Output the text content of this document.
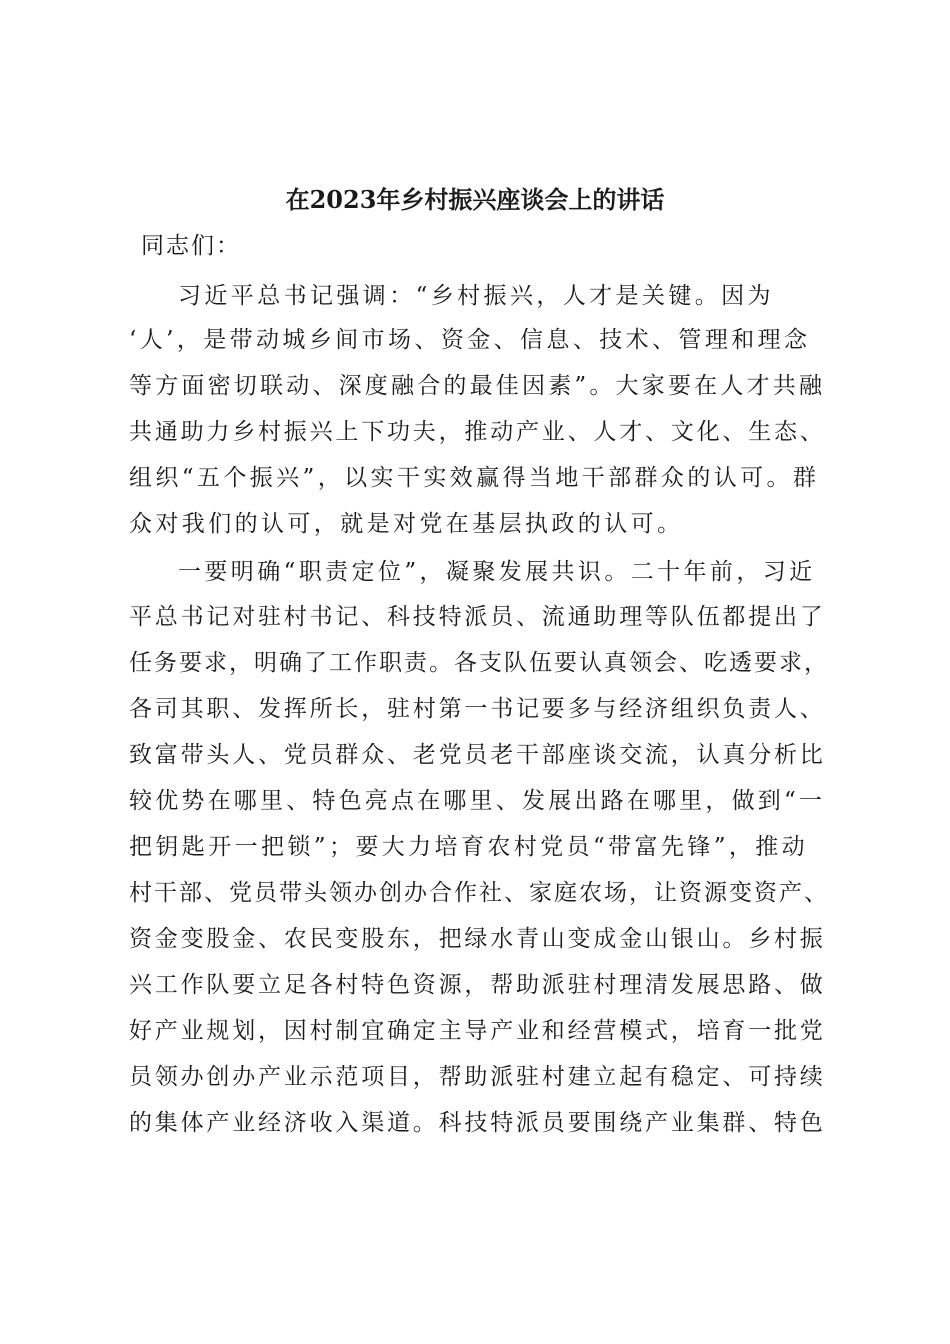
在2023年乡村振兴座谈会上的讲话

同志们：

习近平总书记强调：“乡村振兴，人才是关键。因为

‘人’，是带动城乡间市场、资金、信息、技术、管理和理念

等方面密切联动、深度融合的最佳因素”。大家要在人才共融

共通助力乡村振兴上下功夫，推动产业、人才、文化、生态、

组织“五个振兴”，以实干实效赢得当地干部群众的认可。群

众对我们的认可，就是对党在基层执政的认可。

一要明确“职责定位”，凝聚发展共识。二十年前，习近

平总书记对驻村书记、科技特派员、流通助理等队伍都提出了

任务要求，明确了工作职责。各支队伍要认真领会、吃透要求，

各司其职、发挥所长，驻村第一书记要多与经济组织负责人、

致富带头人、党员群众、老党员老干部座谈交流，认真分析比

较优势在哪里、特色亮点在哪里、发展出路在哪里，做到“一

把钥匙开一把锁”；要大力培育农村党员“带富先锋”，推动

村干部、党员带头领办创办合作社、家庭农场，让资源变资产、

资金变股金、农民变股东，把绿水青山变成金山银山。乡村振

兴工作队要立足各村特色资源，帮助派驻村理清发展思路、做

好产业规划，因村制宜确定主导产业和经营模式，培育一批党

员领办创办产业示范项目，帮助派驻村建立起有稳定、可持续

的集体产业经济收入渠道。科技特派员要围绕产业集群、特色
